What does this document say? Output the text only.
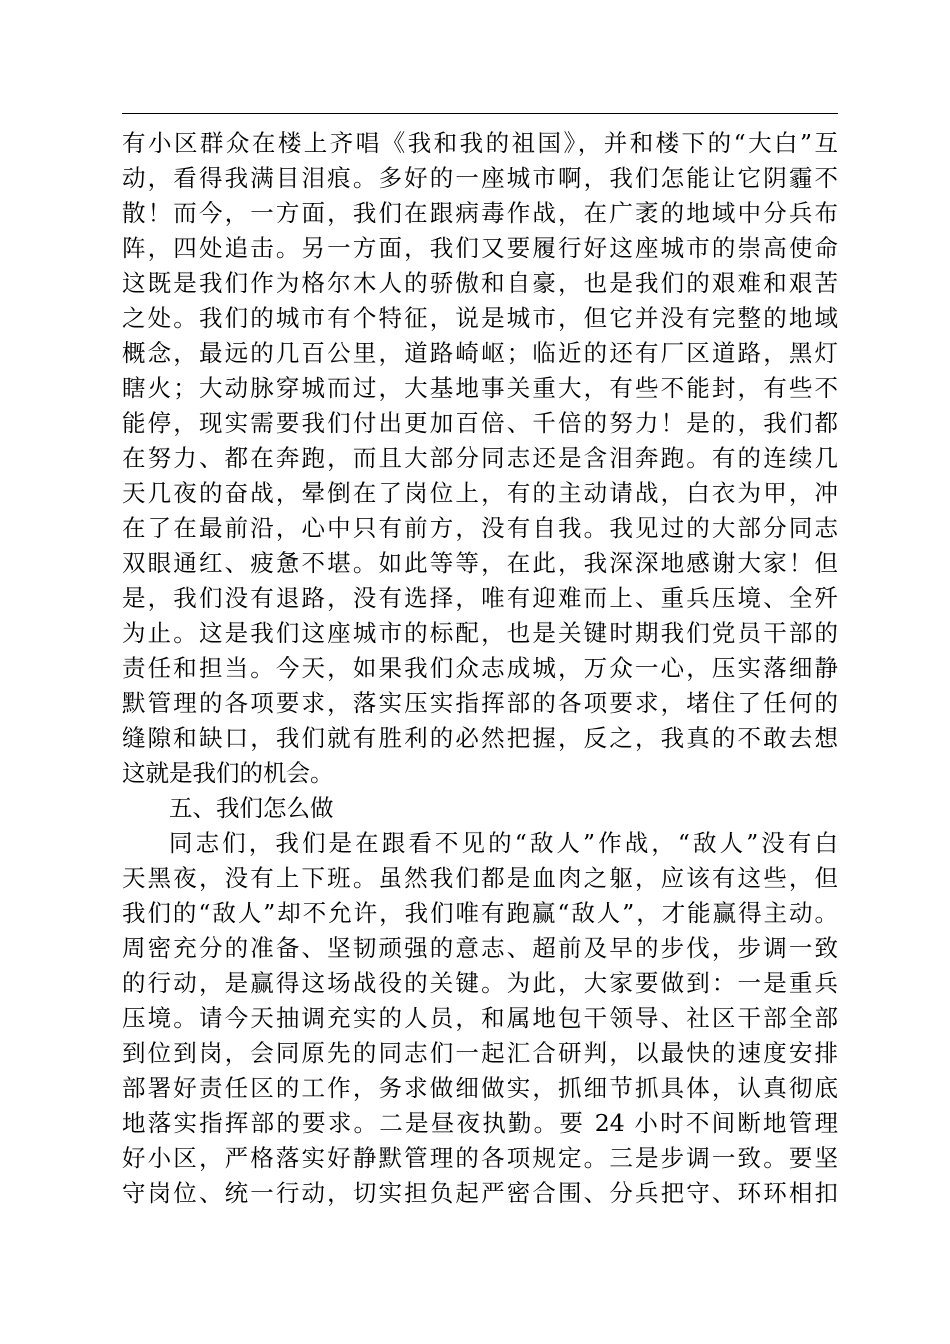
有小区群众在楼上齐唱《我和我的祖国》，并和楼下的“大白”互
动，看得我满目泪痕。多好的一座城市啊，我们怎能让它阴霾不
散！而今，一方面，我们在跟病毒作战，在广袤的地域中分兵布
阵，四处追击。另一方面，我们又要履行好这座城市的崇高使命
这既是我们作为格尔木人的骄傲和自豪，也是我们的艰难和艰苦
之处。我们的城市有个特征，说是城市，但它并没有完整的地域
概念，最远的几百公里，道路崎岖；临近的还有厂区道路，黑灯
瞎火；大动脉穿城而过，大基地事关重大，有些不能封，有些不
能停，现实需要我们付出更加百倍、千倍的努力！是的，我们都
在努力、都在奔跑，而且大部分同志还是含泪奔跑。有的连续几
天几夜的奋战，晕倒在了岗位上，有的主动请战，白衣为甲，冲
在了在最前沿，心中只有前方，没有自我。我见过的大部分同志
双眼通红、疲惫不堪。如此等等，在此，我深深地感谢大家！但
是，我们没有退路，没有选择，唯有迎难而上、重兵压境、全歼
为止。这是我们这座城市的标配，也是关键时期我们党员干部的
责任和担当。今天，如果我们众志成城，万众一心，压实落细静
默管理的各项要求，落实压实指挥部的各项要求，堵住了任何的
缝隙和缺口，我们就有胜利的必然把握，反之，我真的不敢去想
这就是我们的机会。
五、我们怎么做
同志们，我们是在跟看不见的“敌人”作战，“敌人”没有白
天黑夜，没有上下班。虽然我们都是血肉之躯，应该有这些，但
我们的“敌人”却不允许，我们唯有跑赢“敌人”，才能赢得主动。
周密充分的准备、坚韧顽强的意志、超前及早的步伐，步调一致
的行动，是赢得这场战役的关键。为此，大家要做到：一是重兵
压境。请今天抽调充实的人员，和属地包干领导、社区干部全部
到位到岗，会同原先的同志们一起汇合研判，以最快的速度安排
部署好责任区的工作，务求做细做实，抓细节抓具体，认真彻底
地落实指挥部的要求。二是昼夜执勤。要 24 小时不间断地管理
好小区，严格落实好静默管理的各项规定。三是步调一致。要坚
守岗位、统一行动，切实担负起严密合围、分兵把守、环环相扣
